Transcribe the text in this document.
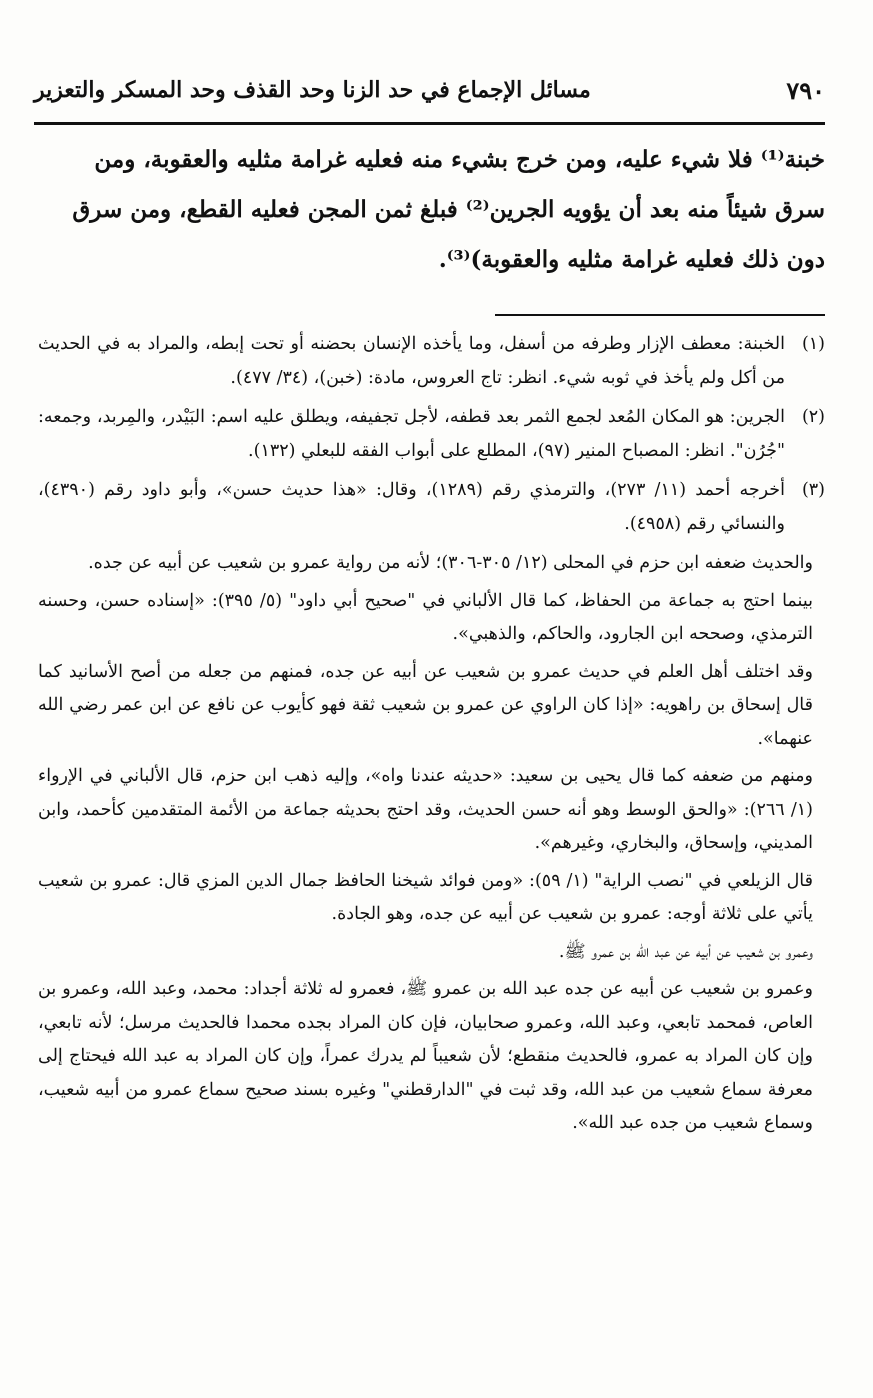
٧٩٠
مسائل الإجماع في حد الزنا وحد القذف وحد المسكر والتعزير

خبنة⁽¹⁾ فلا شيء عليه، ومن خرج بشيء منه فعليه غرامة مثليه والعقوبة، ومن

سرق شيئاً منه بعد أن يؤويه الجرين⁽²⁾ فبلغ ثمن المجن فعليه القطع، ومن سرق

دون ذلك فعليه غرامة مثليه والعقوبة)⁽³⁾.

(١)

الخبنة: معطف الإزار وطرفه من أسفل، وما يأخذه الإنسان بحضنه أو تحت إبطه، والمراد به في الحديث من أكل ولم يأخذ في ثوبه شيء. انظر: تاج العروس، مادة: (خبن)، (٣٤/ ٤٧٧).

(٢)

الجرين: هو المكان المُعد لجمع الثمر بعد قطفه، لأجل تجفيفه، ويطلق عليه اسم: البَيْدر، والمِربد، وجمعه: "جُرُن". انظر: المصباح المنير (٩٧)، المطلع على أبواب الفقه للبعلي (١٣٢).

(٣)

أخرجه أحمد (١١/ ٢٧٣)، والترمذي رقم (١٢٨٩)، وقال: «هذا حديث حسن»، وأبو داود رقم (٤٣٩٠)، والنسائي رقم (٤٩٥٨).

والحديث ضعفه ابن حزم في المحلى (١٢/ ٣٠٥-٣٠٦)؛ لأنه من رواية عمرو بن شعيب عن أبيه عن جده.

بينما احتج به جماعة من الحفاظ، كما قال الألباني في "صحيح أبي داود" (٥/ ٣٩٥): «إسناده حسن، وحسنه الترمذي، وصححه ابن الجارود، والحاكم، والذهبي».

وقد اختلف أهل العلم في حديث عمرو بن شعيب عن أبيه عن جده، فمنهم من جعله من أصح الأسانيد كما قال إسحاق بن راهويه: «إذا كان الراوي عن عمرو بن شعيب ثقة فهو كأيوب عن نافع عن ابن عمر رضي الله عنهما».

ومنهم من ضعفه كما قال يحيى بن سعيد: «حديثه عندنا واه»، وإليه ذهب ابن حزم، قال الألباني في الإرواء (١/ ٢٦٦): «والحق الوسط وهو أنه حسن الحديث، وقد احتج بحديثه جماعة من الأئمة المتقدمين كأحمد، وابن المديني، وإسحاق، والبخاري، وغيرهم».

قال الزيلعي في "نصب الراية" (١/ ٥٩): «ومن فوائد شيخنا الحافظ جمال الدين المزي قال: عمرو بن شعيب يأتي على ثلاثة أوجه: عمرو بن شعيب عن أبيه عن جده، وهو الجادة.

وعمرو بن شعيب عن أبيه عن عبد الله بن عمرو ﷺ.

وعمرو بن شعيب عن أبيه عن جده عبد الله بن عمرو ﷺ، فعمرو له ثلاثة أجداد: محمد، وعبد الله، وعمرو بن العاص، فمحمد تابعي، وعبد الله، وعمرو صحابيان، فإن كان المراد بجده محمدا فالحديث مرسل؛ لأنه تابعي، وإن كان المراد به عمرو، فالحديث منقطع؛ لأن شعيباً لم يدرك عمراً، وإن كان المراد به عبد الله فيحتاج إلى معرفة سماع شعيب من عبد الله، وقد ثبت في "الدارقطني" وغيره بسند صحيح سماع عمرو من أبيه شعيب، وسماع شعيب من جده عبد الله».
